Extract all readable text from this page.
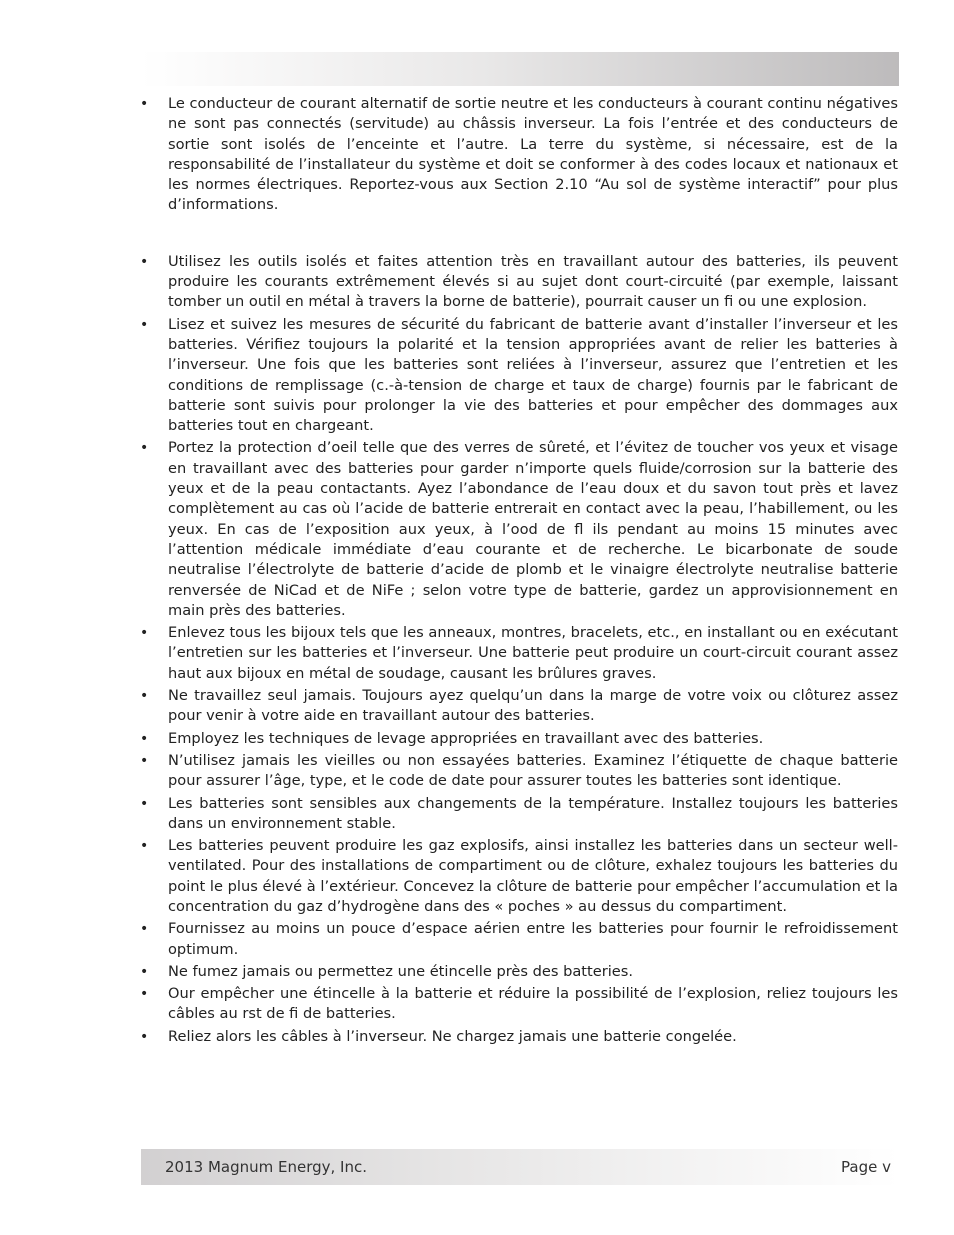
• Le conducteur de courant alternatif de sortie neutre et les conducteurs à courant continu négatives ne sont pas connectés (servitude) au châssis inverseur. La fois l’entrée et des conducteurs de sortie sont isolés de l’enceinte et l’autre. La terre du système, si nécessaire, est de la responsabilité de l’installateur du système et doit se conformer à des codes locaux et nationaux et les normes électriques. Reportez-vous aux Section 2.10 “Au sol de système interactif” pour plus d’informations.
• Utilisez les outils isolés et faites attention très en travaillant autour des batteries, ils peuvent produire les courants extrêmement élevés si au sujet dont court-circuité (par exemple, laissant tomber un outil en métal à travers la borne de batterie), pourrait causer un fi ou une explosion.
• Lisez et suivez les mesures de sécurité du fabricant de batterie avant d’installer l’inverseur et les batteries. Vérifiez toujours la polarité et la tension appropriées avant de relier les batteries à l’inverseur. Une fois que les batteries sont reliées à l’inverseur, assurez que l’entretien et les conditions de remplissage (c.-à-tension de charge et taux de charge) fournis par le fabricant de batterie sont suivis pour prolonger la vie des batteries et pour empêcher des dommages aux batteries tout en chargeant.
• Portez la protection d’oeil telle que des verres de sûreté, et l’évitez de toucher vos yeux et visage en travaillant avec des batteries pour garder n’importe quels fluide/corrosion sur la batterie des yeux et de la peau contactants. Ayez l’abondance de l’eau doux et du savon tout près et lavez complètement au cas où l’acide de batterie entrerait en contact avec la peau, l’habillement, ou les yeux. En cas de l’exposition aux yeux, à l’ood de fl ils pendant au moins 15 minutes avec l’attention médicale immédiate d’eau courante et de recherche. Le bicarbonate de soude neutralise l’électrolyte de batterie d’acide de plomb et le vinaigre électrolyte neutralise batterie renversée de NiCad et de NiFe ; selon votre type de batterie, gardez un approvisionnement en main près des batteries.
• Enlevez tous les bijoux tels que les anneaux, montres, bracelets, etc., en installant ou en exécutant l’entretien sur les batteries et l’inverseur. Une batterie peut produire un court-circuit courant assez haut aux bijoux en métal de soudage, causant les brûlures graves.
• Ne travaillez seul jamais. Toujours ayez quelqu’un dans la marge de votre voix ou clôturez assez pour venir à votre aide en travaillant autour des batteries.
• Employez les techniques de levage appropriées en travaillant avec des batteries.
• N’utilisez jamais les vieilles ou non essayées batteries. Examinez l’étiquette de chaque batterie pour assurer l’âge, type, et le code de date pour assurer toutes les batteries sont identique.
• Les batteries sont sensibles aux changements de la température. Installez toujours les batteries dans un environnement stable.
• Les batteries peuvent produire les gaz explosifs, ainsi installez les batteries dans un secteur well-ventilated. Pour des installations de compartiment ou de clôture, exhalez toujours les batteries du point le plus élevé à l’extérieur. Concevez la clôture de batterie pour empêcher l’accumulation et la concentration du gaz d’hydrogène dans des « poches » au dessus du compartiment.
• Fournissez au moins un pouce d’espace aérien entre les batteries pour fournir le refroidissement optimum.
• Ne fumez jamais ou permettez une étincelle près des batteries.
• Our empêcher une étincelle à la batterie et réduire la possibilité de l’explosion, reliez toujours les câbles au rst de fi de batteries.
• Reliez alors les câbles à l’inverseur. Ne chargez jamais une batterie congelée.
2013 Magnum Energy, Inc.	Page v
